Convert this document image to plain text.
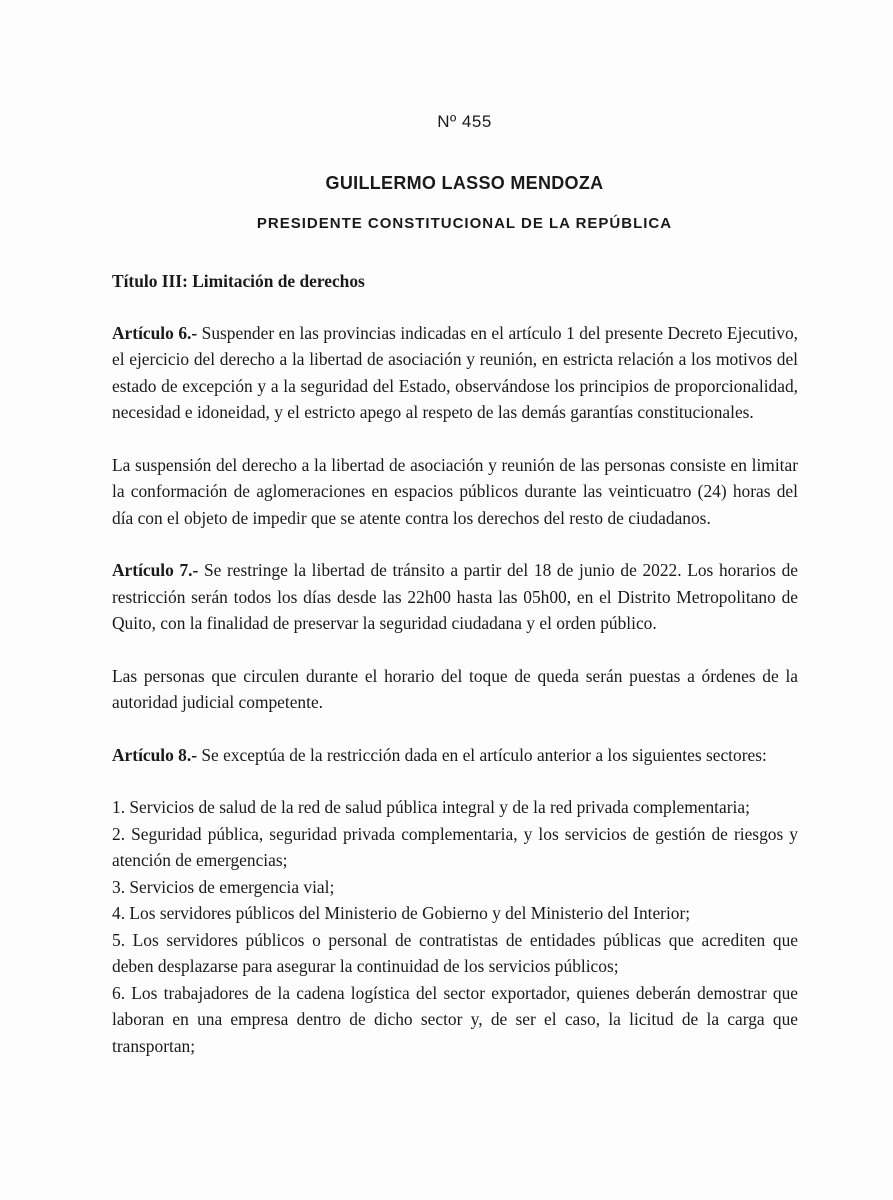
Nº 455
GUILLERMO LASSO MENDOZA
PRESIDENTE CONSTITUCIONAL DE LA REPÚBLICA

Título III: Limitación de derechos

Artículo 6.- Suspender en las provincias indicadas en el artículo 1 del presente Decreto Ejecutivo, el ejercicio del derecho a la libertad de asociación y reunión, en estricta relación a los motivos del estado de excepción y a la seguridad del Estado, observándose los principios de proporcionalidad, necesidad e idoneidad, y el estricto apego al respeto de las demás garantías constitucionales.

La suspensión del derecho a la libertad de asociación y reunión de las personas consiste en limitar la conformación de aglomeraciones en espacios públicos durante las veinticuatro (24) horas del día con el objeto de impedir que se atente contra los derechos del resto de ciudadanos.

Artículo 7.- Se restringe la libertad de tránsito a partir del 18 de junio de 2022. Los horarios de restricción serán todos los días desde las 22h00 hasta las 05h00, en el Distrito Metropolitano de Quito, con la finalidad de preservar la seguridad ciudadana y el orden público.

Las personas que circulen durante el horario del toque de queda serán puestas a órdenes de la autoridad judicial competente.

Artículo 8.- Se exceptúa de la restricción dada en el artículo anterior a los siguientes sectores:

1. Servicios de salud de la red de salud pública integral y de la red privada complementaria;
2. Seguridad pública, seguridad privada complementaria, y los servicios de gestión de riesgos y atención de emergencias;
3. Servicios de emergencia vial;
4. Los servidores públicos del Ministerio de Gobierno y del Ministerio del Interior;
5. Los servidores públicos o personal de contratistas de entidades públicas que acrediten que deben desplazarse para asegurar la continuidad de los servicios públicos;
6. Los trabajadores de la cadena logística del sector exportador, quienes deberán demostrar que laboran en una empresa dentro de dicho sector y, de ser el caso, la licitud de la carga que transportan;
